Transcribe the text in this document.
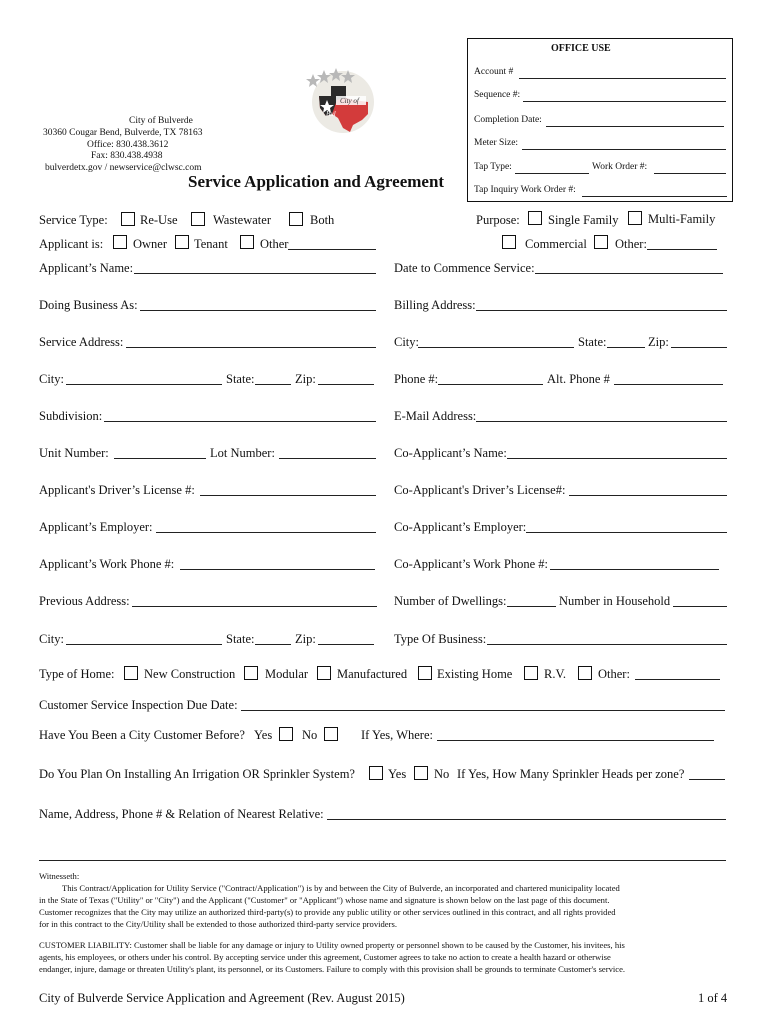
OFFICE USE
Account #
Sequence #:
Completion Date:
Meter Size:
Tap Type:	Work Order #:
Tap Inquiry Work Order #:
City of
Bul
City of Bulverde
30360 Cougar Bend, Bulverde, TX 78163
Office: 830.438.3612
Fax: 830.438.4938
bulverdetx.gov / newservice@clwsc.com
Service Application and Agreement
Service Type:	Re-Use	Wastewater	Both	Purpose: Single Family Multi-Family
Applicant is: Owner Tenant	Other	Commercial Other:
Applicant’s Name:
Doing Business As:
Service Address:
City:	State:	Zip:
Subdivision:
Unit Number:	Lot Number:
Applicant's Driver’s License #:
Applicant’s Employer:
Applicant’s Work Phone #:
Previous Address:
City:	State:	Zip:
Date to Commence Service:
Billing Address:
City:	State:	Zip:
Phone #:	Alt. Phone #
E-Mail Address:
Co-Applicant’s Name:
Co-Applicant's Driver’s License#:
Co-Applicant’s Employer:
Co-Applicant’s Work Phone #:
Number of Dwellings:	Number in Household
Type Of Business:
Type of Home: New Construction Modular Manufactured Existing Home	R.V.	Other:
Customer Service Inspection Due Date:
Have You Been a City Customer Before? Yes No	If Yes, Where:
Do You Plan On Installing An Irrigation OR Sprinkler System?	Yes No If Yes, How Many Sprinkler Heads per zone?
Name, Address, Phone # & Relation of Nearest Relative:
Witnesseth:
This Contract/Application for Utility Service ("Contract/Application") is by and between the City of Bulverde, an incorporated and chartered municipality located
in the State of Texas ("Utility" or "City") and the Applicant ("Customer" or "Applicant") whose name and signature is shown below on the last page of this document.
Customer recognizes that the City may utilize an authorized third-party(s) to provide any public utility or other services outlined in this contract, and all rights provided
for in this contract to the City/Utility shall be extended to those authorized third-party service providers.
CUSTOMER LIABILITY: Customer shall be liable for any damage or injury to Utility owned property or personnel shown to be caused by the Customer, his invitees, his
agents, his employees, or others under his control. By accepting service under this agreement, Customer agrees to take no action to create a health hazard or otherwise
endanger, injure, damage or threaten Utility's plant, its personnel, or its Customers. Failure to comply with this provision shall be grounds to terminate Customer's service.
City of Bulverde Service Application and Agreement (Rev. August 2015)	1 of 4
